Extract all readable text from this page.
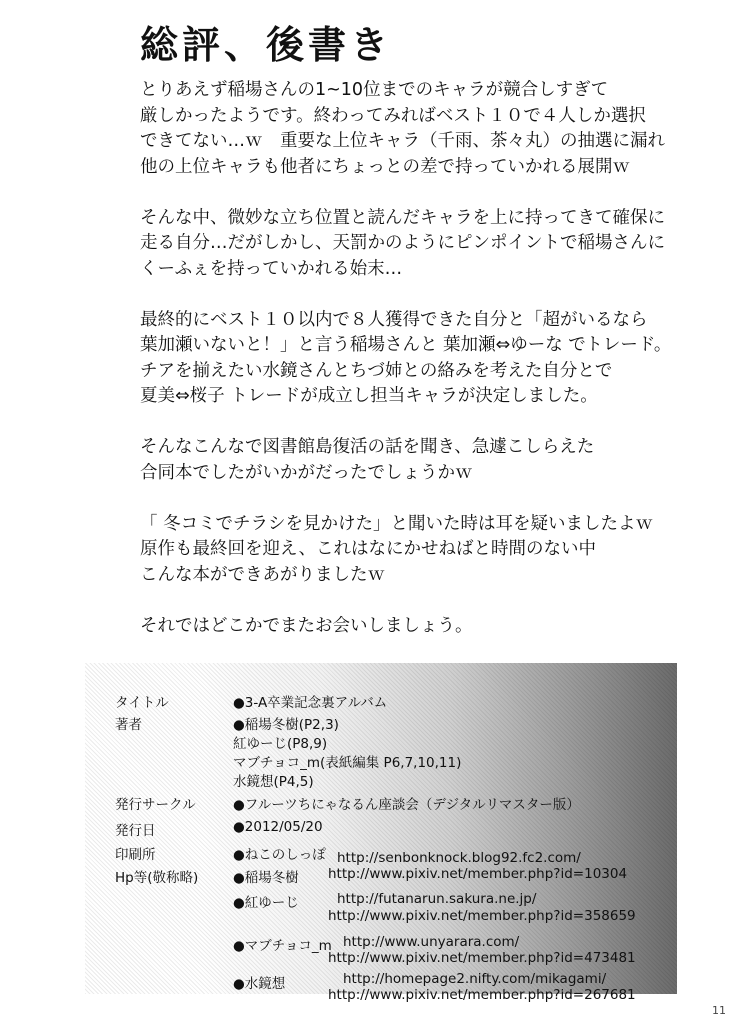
総評、後書き
とりあえず稲場さんの1~10位までのキャラが競合しすぎて
厳しかったようです。終わってみればベスト１０で４人しか選択
できてない…ｗ　重要な上位キャラ（千雨、茶々丸）の抽選に漏れ
他の上位キャラも他者にちょっとの差で持っていかれる展開ｗ
そんな中、微妙な立ち位置と読んだキャラを上に持ってきて確保に
走る自分…だがしかし、天罰かのようにピンポイントで稲場さんに
くーふぇを持っていかれる始末…
最終的にベスト１０以内で８人獲得できた自分と「超がいるなら
葉加瀬いないと！」と言う稲場さんと 葉加瀬⇔ゆーな でトレード。
チアを揃えたい水鏡さんとちづ姉との絡みを考えた自分とで
夏美⇔桜子 トレードが成立し担当キャラが決定しました。
そんなこんなで図書館島復活の話を聞き、急遽こしらえた
合同本でしたがいかがだったでしょうかｗ
「 冬コミでチラシを見かけた」と聞いた時は耳を疑いましたよｗ
原作も最終回を迎え、これはなにかせねばと時間のない中
こんな本ができあがりましたｗ
それではどこかでまたお会いしましょう。
タイトル	●3-A卒業記念裏アルバム
著者	●稲場冬樹(P2,3)
紅ゆーじ(P8,9)
マブチョコ_m(表紙編集 P6,7,10,11)
水鏡想(P4,5)
発行サークル	●フルーツちにゃなるん座談会（デジタルリマスター版）
発行日	●2012/05/20
印刷所	●ねこのしっぽ
Hp等(敬称略)	●稲場冬樹
http://senbonknock.blog92.fc2.com/
http://www.pixiv.net/member.php?id=10304
●紅ゆーじ	http://futanarun.sakura.ne.jp/
http://www.pixiv.net/member.php?id=358659
●マブチョコ_m http://www.unyarara.com/
http://www.pixiv.net/member.php?id=473481
●水鏡想	http://homepage2.nifty.com/mikagami/
http://www.pixiv.net/member.php?id=267681
11
